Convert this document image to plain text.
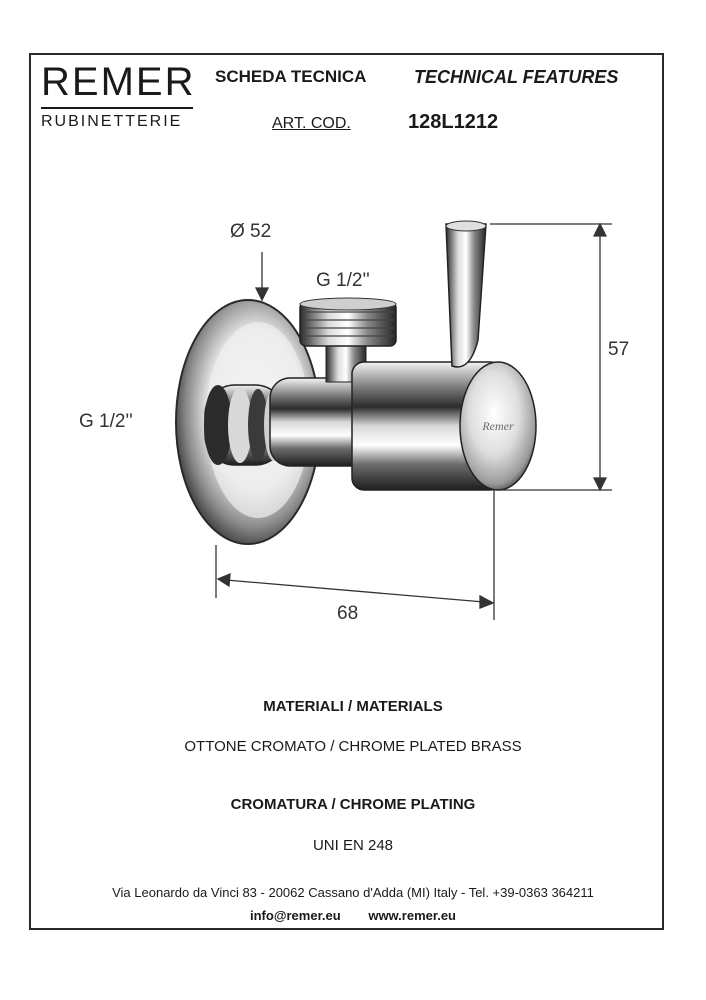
REMER
RUBINETTERIE
SCHEDA TECNICA	TECHNICAL FEATURES
ART. COD.	128L1212
Remer
Ø 52
G 1/2''
G 1/2''
57
68
MATERIALI / MATERIALS
OTTONE CROMATO / CHROME PLATED BRASS
CROMATURA / CHROME PLATING
UNI EN 248
Via Leonardo da Vinci 83 - 20062 Cassano d'Adda (MI) Italy - Tel. +39-0363 364211
info@remer.eu www.remer.eu
